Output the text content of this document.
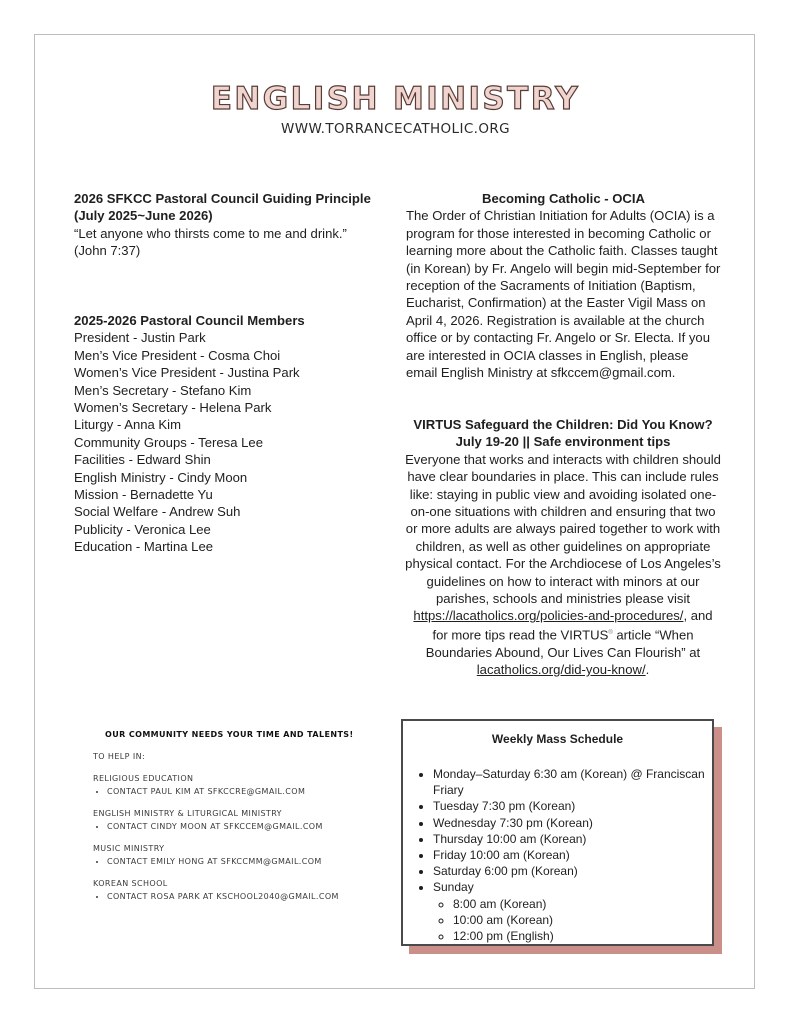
ENGLISH MINISTRY
WWW.TORRANCECATHOLIC.ORG
2026 SFKCC Pastoral Council Guiding Principle
(July 2025~June 2026)
“Let anyone who thirsts come to me and drink.”
(John 7:37)
2025-2026 Pastoral Council Members
President - Justin Park
Men’s Vice President - Cosma Choi
Women’s Vice President - Justina Park
Men’s Secretary - Stefano Kim
Women’s Secretary - Helena Park
Liturgy - Anna Kim
Community Groups - Teresa Lee
Facilities - Edward Shin
English Ministry - Cindy Moon
Mission - Bernadette Yu
Social Welfare - Andrew Suh
Publicity - Veronica Lee
Education - Martina Lee
Becoming Catholic - OCIA
The Order of Christian Initiation for Adults (OCIA) is a program for those interested in becoming Catholic or learning more about the Catholic faith. Classes taught (in Korean) by Fr. Angelo will begin mid-September for reception of the Sacraments of Initiation (Baptism, Eucharist, Confirmation) at the Easter Vigil Mass on April 4, 2026. Registration is available at the church office or by contacting Fr. Angelo or Sr. Electa. If you are interested in OCIA classes in English, please email English Ministry at sfkccem@gmail.com.
VIRTUS Safeguard the Children: Did You Know?
July 19-20 || Safe environment tips
Everyone that works and interacts with children should have clear boundaries in place. This can include rules like: staying in public view and avoiding isolated one-on-one situations with children and ensuring that two or more adults are always paired together to work with children, as well as other guidelines on appropriate physical contact. For the Archdiocese of Los Angeles’s guidelines on how to interact with minors at our parishes, schools and ministries please visit https://lacatholics.org/policies-and-procedures/, and for more tips read the VIRTUS® article “When Boundaries Abound, Our Lives Can Flourish” at lacatholics.org/did-you-know/.
OUR COMMUNITY NEEDS YOUR TIME AND TALENTS!
TO HELP IN:
RELIGIOUS EDUCATION
• CONTACT PAUL KIM AT SFKCCRE@GMAIL.COM
ENGLISH MINISTRY & LITURGICAL MINISTRY
• CONTACT CINDY MOON AT SFKCCEM@GMAIL.COM
MUSIC MINISTRY
• CONTACT EMILY HONG AT SFKCCMM@GMAIL.COM
KOREAN SCHOOL
• CONTACT ROSA PARK AT KSCHOOL2040@GMAIL.COM
Weekly Mass Schedule
• Monday–Saturday 6:30 am (Korean) @ Franciscan Friary
• Tuesday 7:30 pm (Korean)
• Wednesday 7:30 pm (Korean)
• Thursday 10:00 am (Korean)
• Friday 10:00 am (Korean)
• Saturday 6:00 pm (Korean)
• Sunday
◦ 8:00 am (Korean)
◦ 10:00 am (Korean)
◦ 12:00 pm (English)
